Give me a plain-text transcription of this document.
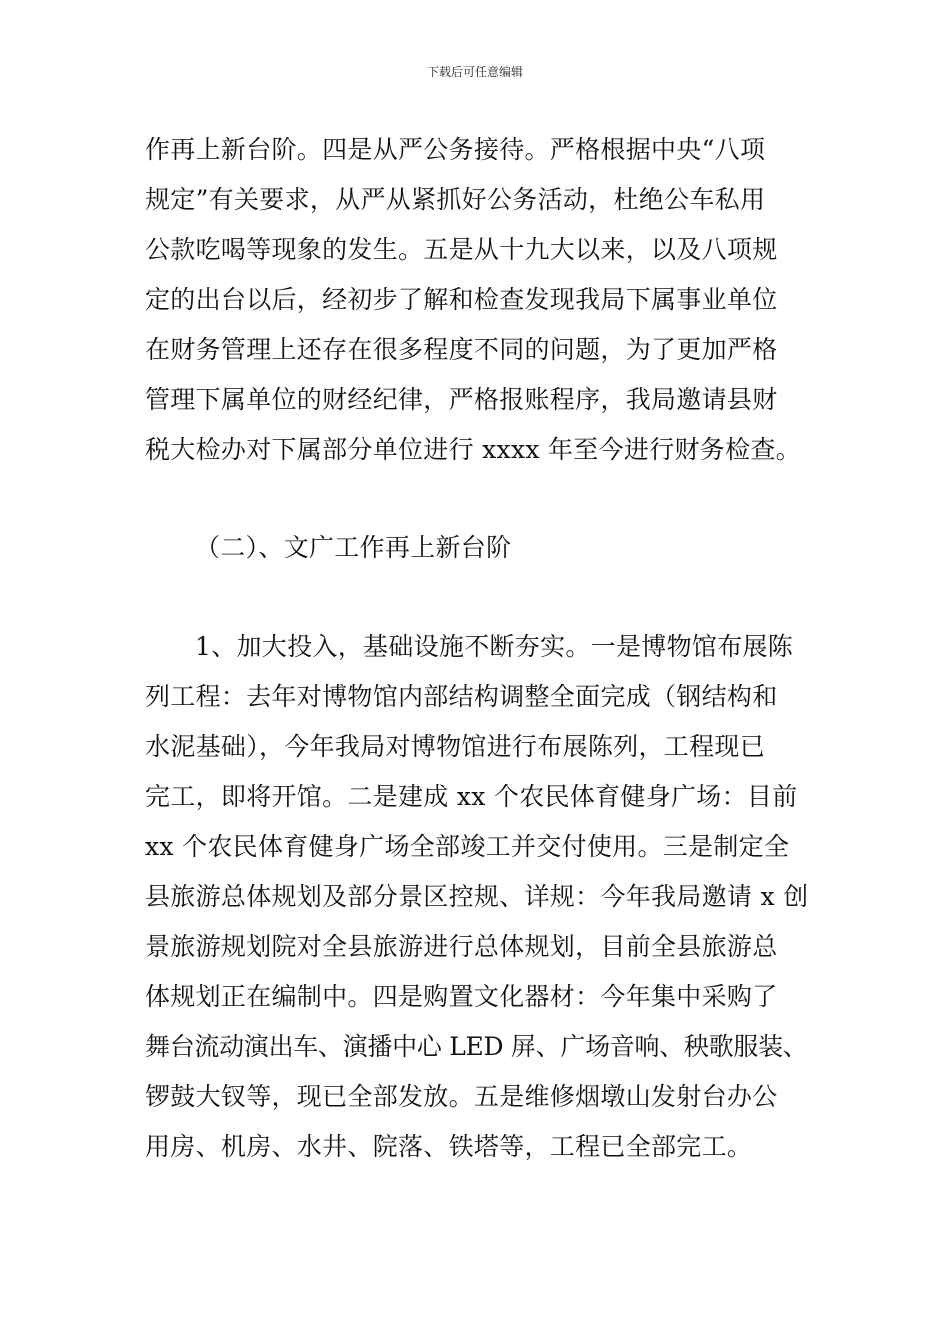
下载后可任意编辑
作再上新台阶。四是从严公务接待。严格根据中央“八项
规定”有关要求，从严从紧抓好公务活动，杜绝公车私用
公款吃喝等现象的发生。五是从十九大以来，以及八项规
定的出台以后，经初步了解和检查发现我局下属事业单位
在财务管理上还存在很多程度不同的问题，为了更加严格
管理下属单位的财经纪律，严格报账程序，我局邀请县财
税大检办对下属部分单位进行 xxxx 年至今进行财务检查。
（二）、文广工作再上新台阶
1、加大投入，基础设施不断夯实。一是博物馆布展陈
列工程：去年对博物馆内部结构调整全面完成（钢结构和
水泥基础），今年我局对博物馆进行布展陈列，工程现已
完工，即将开馆。二是建成 xx 个农民体育健身广场：目前
xx 个农民体育健身广场全部竣工并交付使用。三是制定全
县旅游总体规划及部分景区控规、详规：今年我局邀请 x 创
景旅游规划院对全县旅游进行总体规划，目前全县旅游总
体规划正在编制中。四是购置文化器材：今年集中采购了
舞台流动演出车、演播中心 LED 屏、广场音响、秧歌服装、
锣鼓大钗等，现已全部发放。五是维修烟墩山发射台办公
用房、机房、水井、院落、铁塔等，工程已全部完工。
